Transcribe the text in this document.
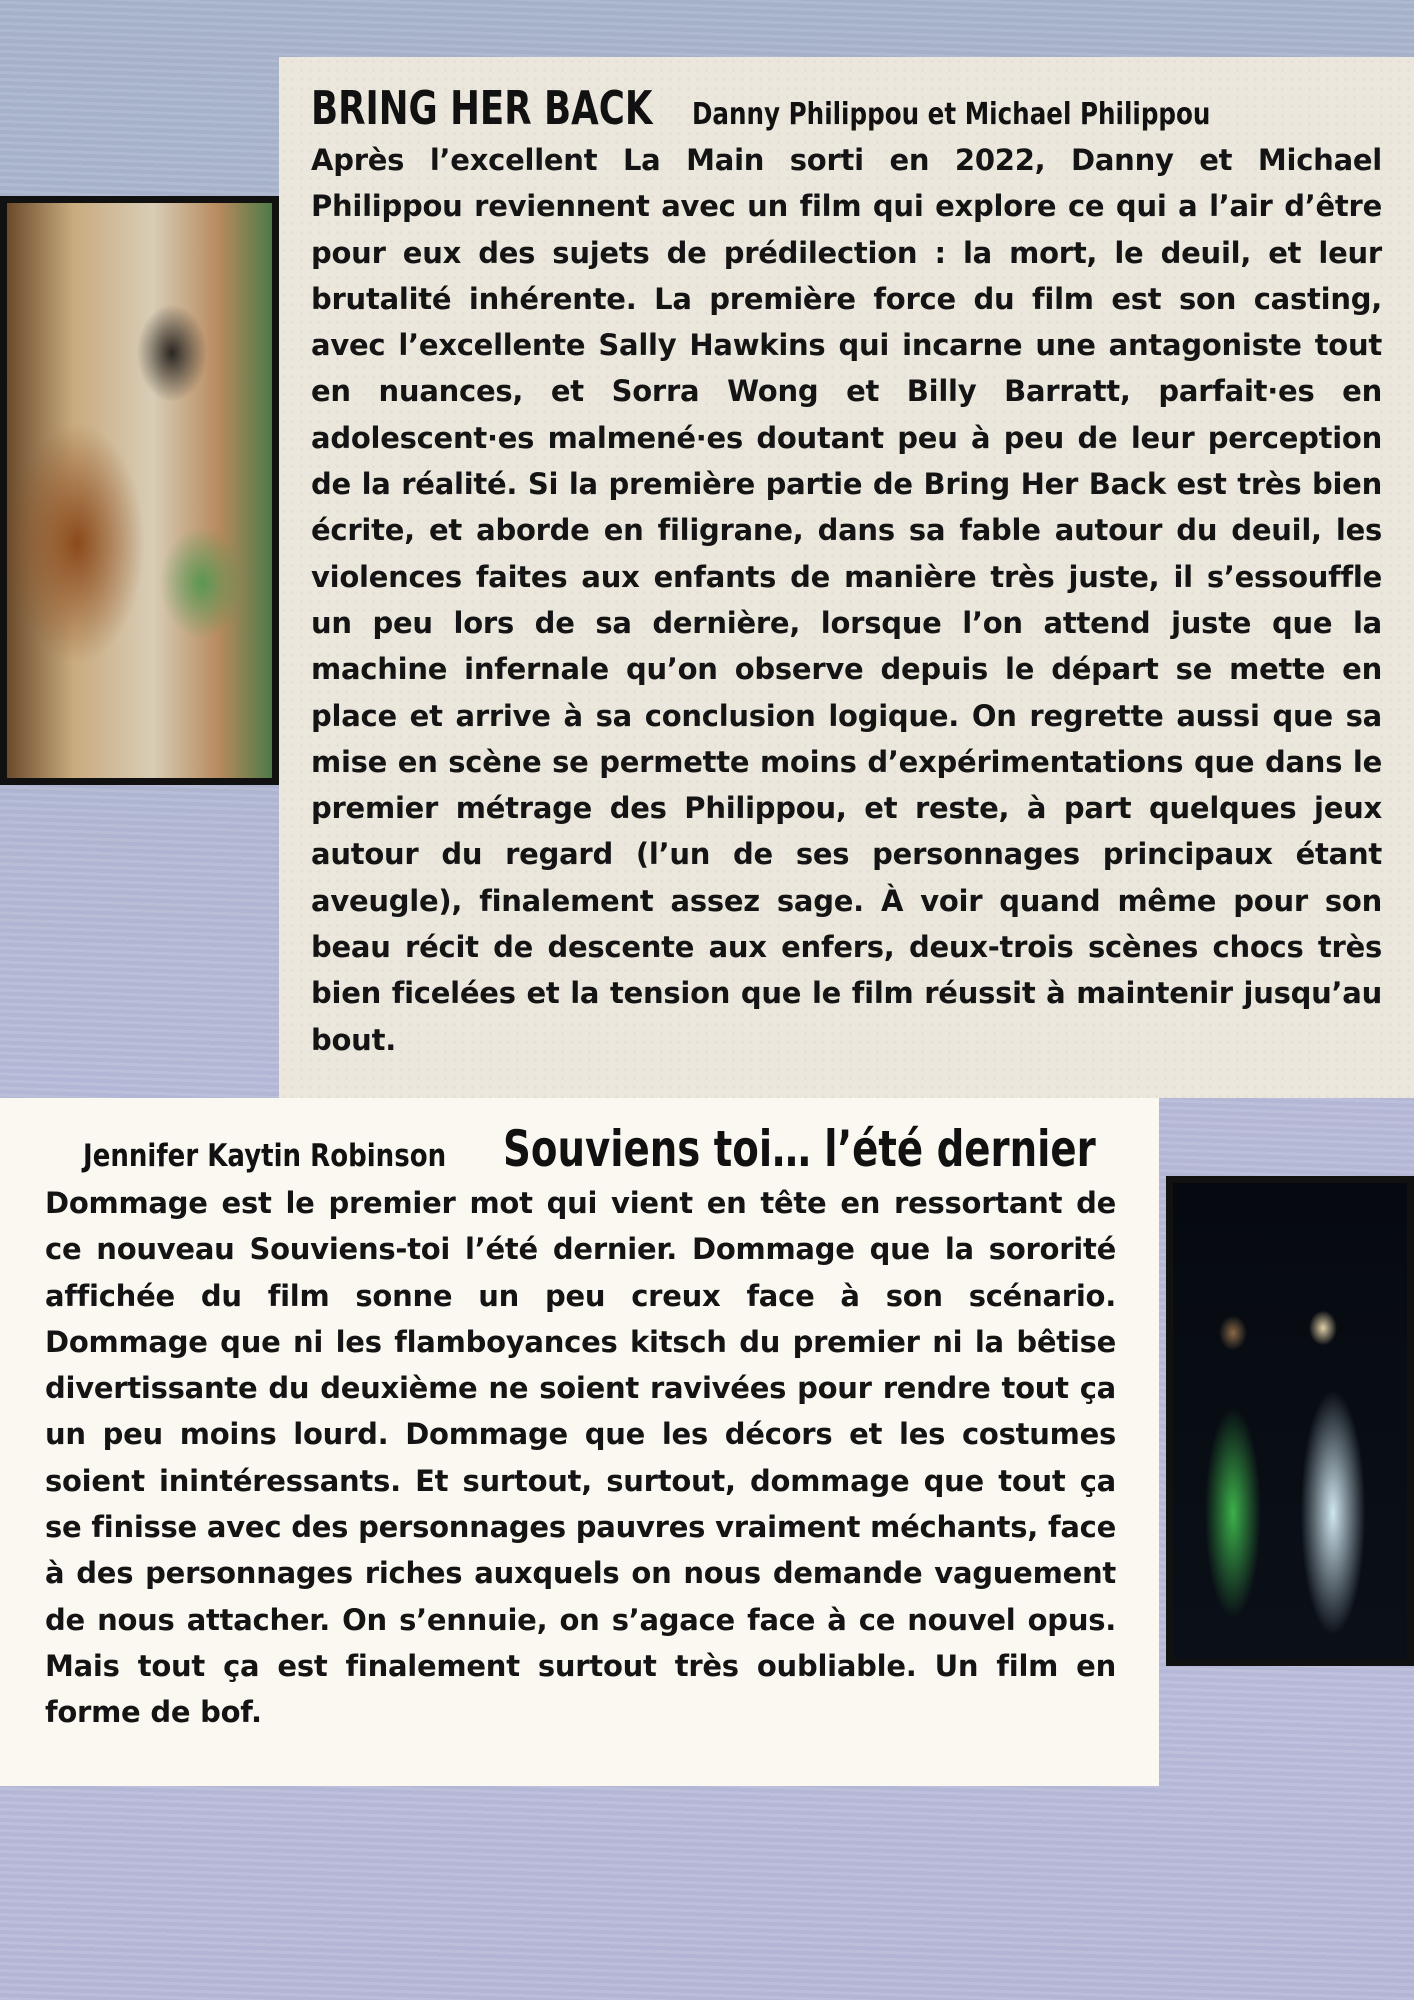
BRING HER BACK Danny Philippou et Michael Philippou

Après l’excellent La Main sorti en 2022, Danny et Michael Philippou reviennent avec un film qui explore ce qui a l’air d’être pour eux des sujets de prédilection : la mort, le deuil, et leur brutalité inhérente. La première force du film est son casting, avec l’excellente Sally Hawkins qui incarne une antagoniste tout en nuances, et Sorra Wong et Billy Barratt, parfait·es en adolescent·es malmené·es doutant peu à peu de leur perception de la réalité. Si la première partie de Bring Her Back est très bien écrite, et aborde en filigrane, dans sa fable autour du deuil, les violences faites aux enfants de manière très juste, il s’essouffle un peu lors de sa dernière, lorsque l’on attend juste que la machine infernale qu’on observe depuis le départ se mette en place et arrive à sa conclusion logique. On regrette aussi que sa mise en scène se permette moins d’expérimentations que dans le premier métrage des Philippou, et reste, à part quelques jeux autour du regard (l’un de ses personnages principaux étant aveugle), finalement assez sage. À voir quand même pour son beau récit de descente aux enfers, deux-trois scènes chocs très bien ficelées et la tension que le film réussit à maintenir jusqu’au bout.

Jennifer Kaytin Robinson Souviens toi… l’été dernier

Dommage est le premier mot qui vient en tête en ressortant de ce nouveau Souviens-toi l’été dernier. Dommage que la sororité affichée du film sonne un peu creux face à son scénario. Dommage que ni les flamboyances kitsch du premier ni la bêtise divertissante du deuxième ne soient ravivées pour rendre tout ça un peu moins lourd. Dommage que les décors et les costumes soient inintéressants. Et surtout, surtout, dommage que tout ça se finisse avec des personnages pauvres vraiment méchants, face à des personnages riches auxquels on nous demande vaguement de nous attacher. On s’ennuie, on s’agace face à ce nouvel opus. Mais tout ça est finalement surtout très oubliable. Un film en forme de bof.
